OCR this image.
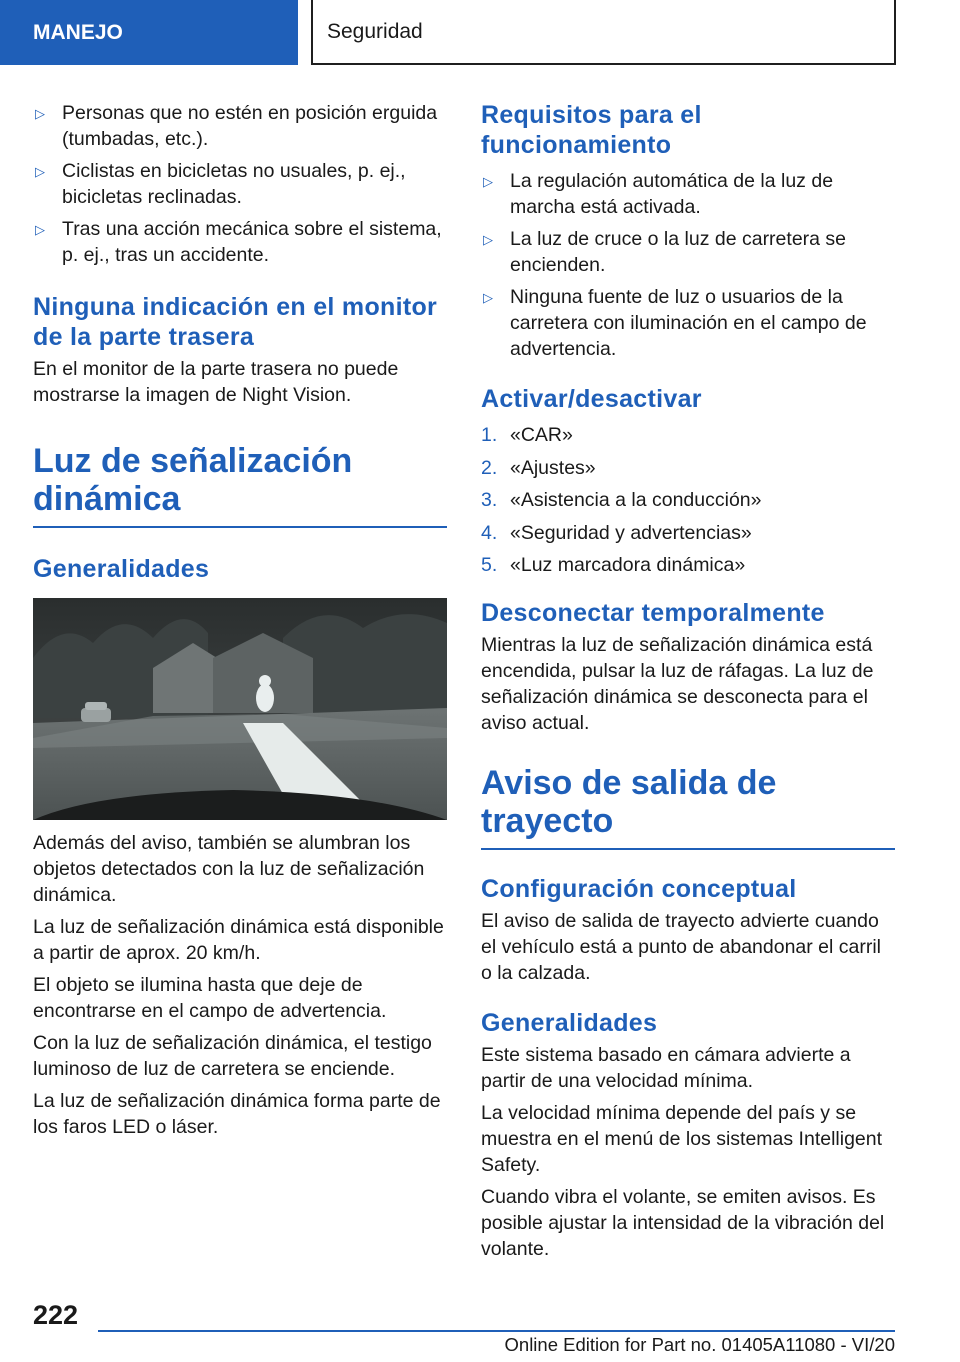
MANEJO	Seguridad
▷ Personas que no estén en posición erguida (tumbadas, etc.).
▷ Ciclistas en bicicletas no usuales, p. ej., bicicletas reclinadas.
▷ Tras una acción mecánica sobre el sistema, p. ej., tras un accidente.
Ninguna indicación en el monitor de la parte trasera

En el monitor de la parte trasera no puede mostrarse la imagen de Night Vision.

Luz de señalización dinámica
Generalidades

Además del aviso, también se alumbran los objetos detectados con la luz de señalización dinámica.

La luz de señalización dinámica está disponible a partir de aprox. 20 km/h.

El objeto se ilumina hasta que deje de encontrarse en el campo de advertencia.

Con la luz de señalización dinámica, el testigo luminoso de luz de carretera se enciende.

La luz de señalización dinámica forma parte de los faros LED o láser.

Requisitos para el funcionamiento
▷ La regulación automática de la luz de marcha está activada.
▷ La luz de cruce o la luz de carretera se encienden.
▷ Ninguna fuente de luz o usuarios de la carretera con iluminación en el campo de advertencia.
Activar/desactivar
1. «CAR»
2. «Ajustes»
3. «Asistencia a la conducción»
4. «Seguridad y advertencias»
5. «Luz marcadora dinámica»
Desconectar temporalmente

Mientras la luz de señalización dinámica está encendida, pulsar la luz de ráfagas. La luz de señalización dinámica se desconecta para el aviso actual.

Aviso de salida de trayecto
Configuración conceptual

El aviso de salida de trayecto advierte cuando el vehículo está a punto de abandonar el carril o la calzada.

Generalidades

Este sistema basado en cámara advierte a partir de una velocidad mínima.

La velocidad mínima depende del país y se muestra en el menú de los sistemas Intelligent Safety.

Cuando vibra el volante, se emiten avisos. Es posible ajustar la intensidad de la vibración del volante.

222
Online Edition for Part no. 01405A11080 - VI/20
